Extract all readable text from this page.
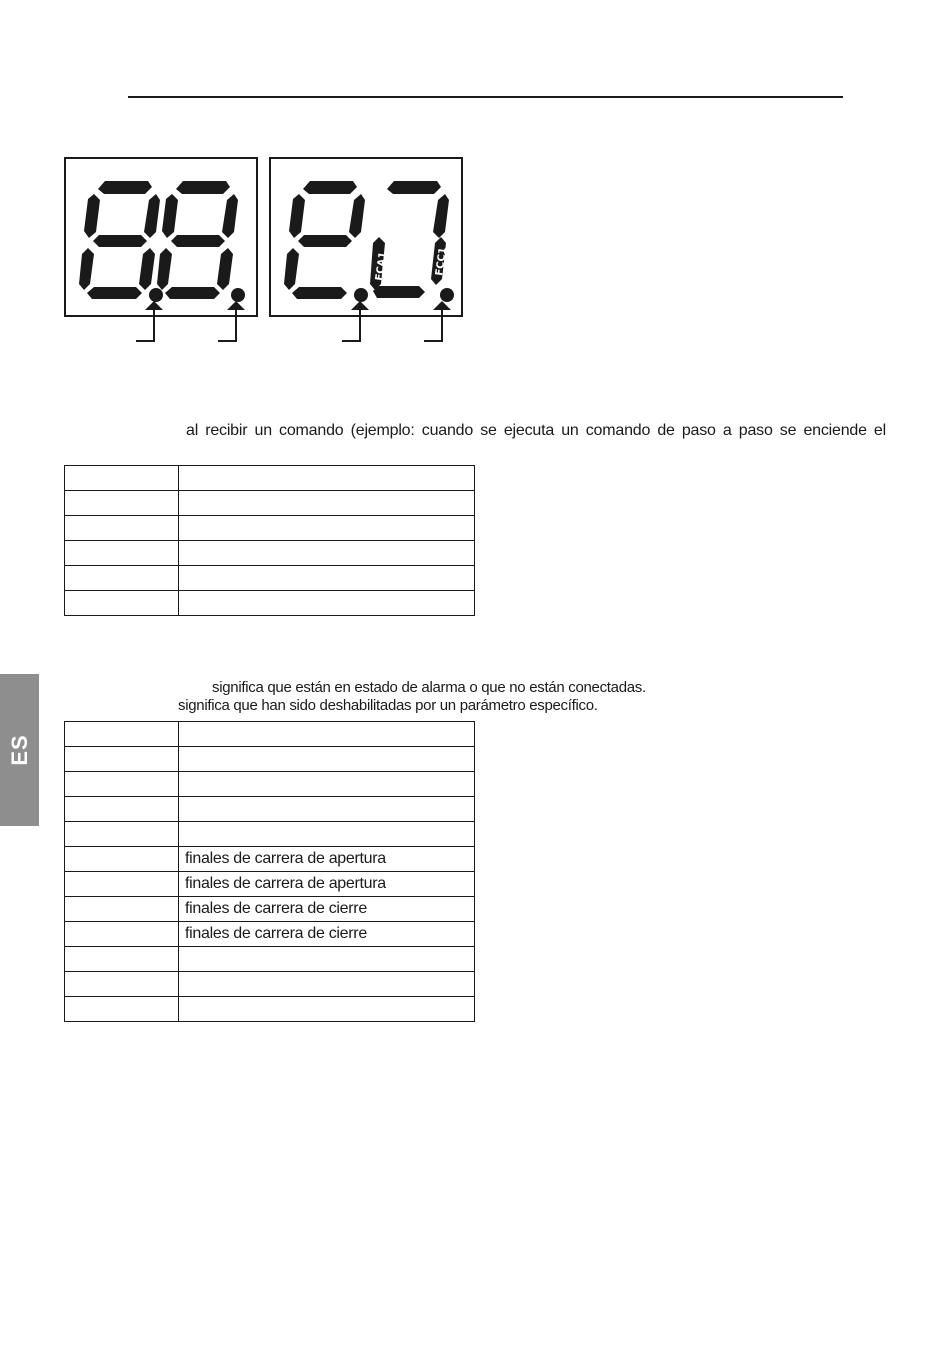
FCA1	FCC1
al recibir un comando (ejemplo: cuando se ejecuta un comando de paso a paso se enciende el

significa que están en estado de alarma o que no están conectadas.
significa que han sido deshabilitadas por un parámetro específico.

	finales de carrera de apertura
	finales de carrera de apertura
	finales de carrera de cierre
	finales de carrera de cierre

ES
